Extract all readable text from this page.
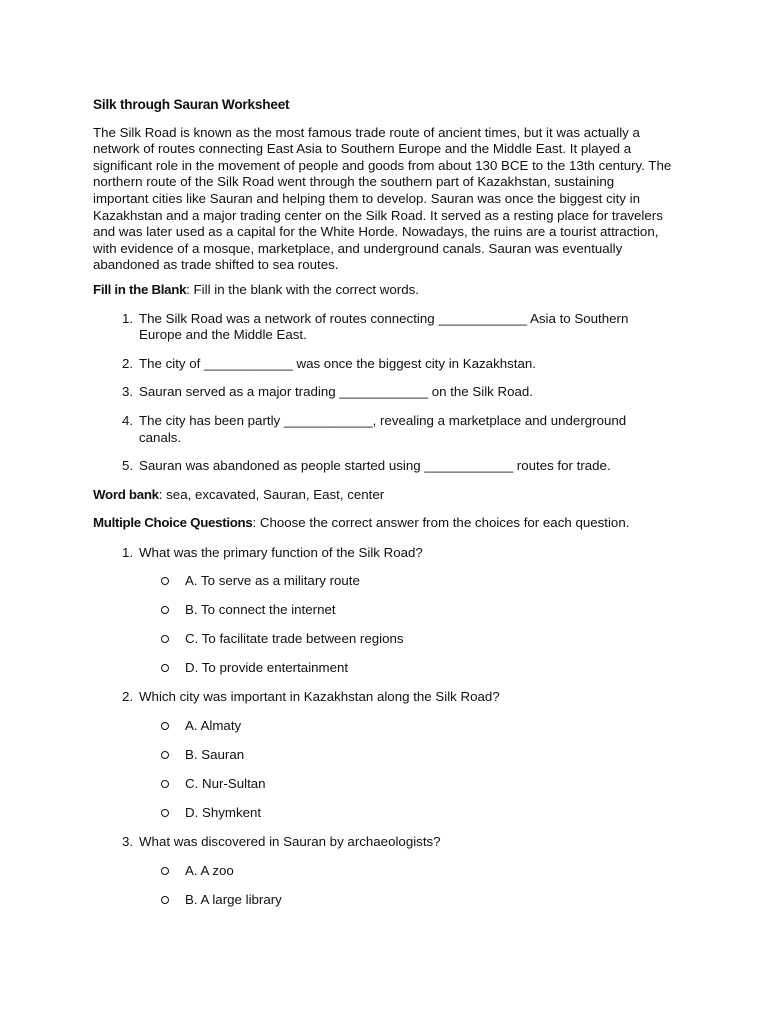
Silk through Sauran Worksheet

The Silk Road is known as the most famous trade route of ancient times, but it was actually a network of routes connecting East Asia to Southern Europe and the Middle East. It played a significant role in the movement of people and goods from about 130 BCE to the 13th century. The northern route of the Silk Road went through the southern part of Kazakhstan, sustaining important cities like Sauran and helping them to develop. Sauran was once the biggest city in Kazakhstan and a major trading center on the Silk Road. It served as a resting place for travelers and was later used as a capital for the White Horde. Nowadays, the ruins are a tourist attraction, with evidence of a mosque, marketplace, and underground canals. Sauran was eventually abandoned as trade shifted to sea routes.

Fill in the Blank: Fill in the blank with the correct words.

1. The Silk Road was a network of routes connecting ____________ Asia to Southern Europe and the Middle East.
2. The city of ____________ was once the biggest city in Kazakhstan.
3. Sauran served as a major trading ____________ on the Silk Road.
4. The city has been partly ____________, revealing a marketplace and underground canals.
5. Sauran was abandoned as people started using ____________ routes for trade.

Word bank: sea, excavated, Sauran, East, center

Multiple Choice Questions: Choose the correct answer from the choices for each question.

1. What was the primary function of the Silk Road?
A. To serve as a military route
B. To connect the internet
C. To facilitate trade between regions
D. To provide entertainment
2. Which city was important in Kazakhstan along the Silk Road?
A. Almaty
B. Sauran
C. Nur-Sultan
D. Shymkent
3. What was discovered in Sauran by archaeologists?
A. A zoo
B. A large library
